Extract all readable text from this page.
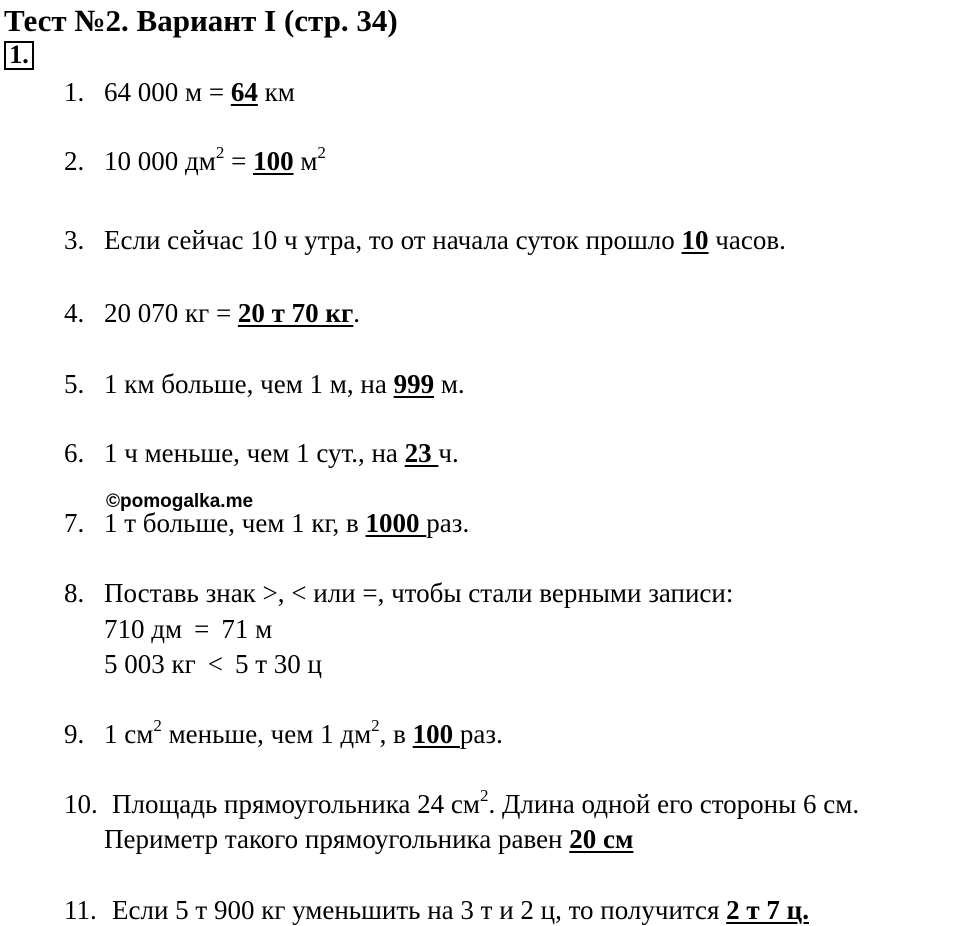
Тест №2. Вариант I (стр. 34)
1.
1. 64 000 м = 64 км
2. 10 000 $дм^2 = 100$ $м^2$
3. Если сейчас 10 ч утра, то от начала суток прошло 10 часов.
4. 20 070 кг = 20 т 70 кг.
5. 1 км больше, чем 1 м, на 999 м.
6. 1 ч меньше, чем 1 сут., на 23 ч.
©pomogalka.me
7. 1 т больше, чем 1 кг, в 1000 раз.
8. Поставь знак >, < или =, чтобы стали верными записи:
710 дм = 71 м
5 003 кг < 5 т 30 ц
9. 1 $см^2$ меньше, чем 1 $дм^2$, в 100 раз.
10. Площадь прямоугольника 24 $см^2$. Длина одной его стороны 6 см.
Периметр такого прямоугольника равен 20 см
11. Если 5 т 900 кг уменьшить на 3 т и 2 ц, то получится 2 т 7 ц.
